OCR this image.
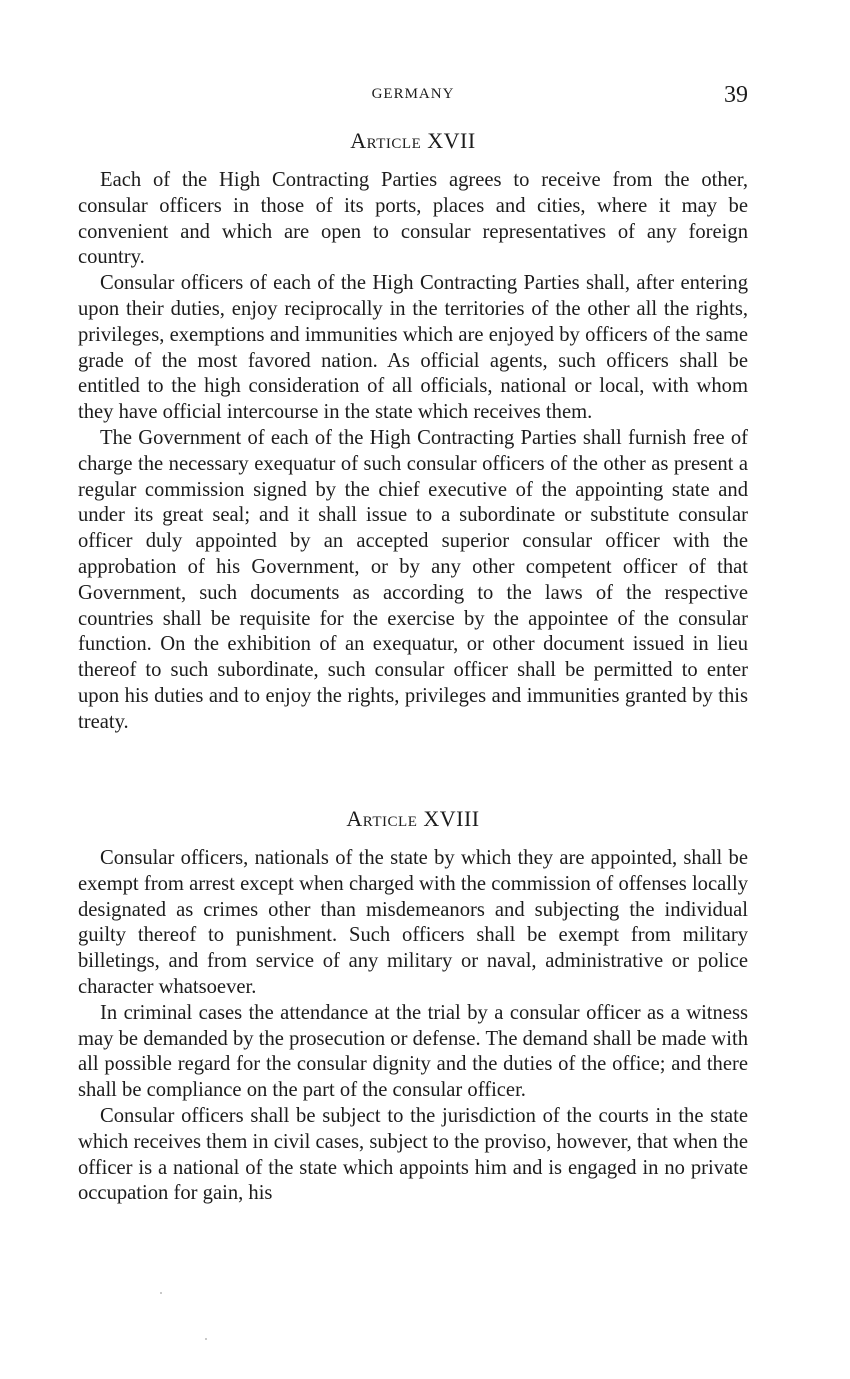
GERMANY	39
Article XVII

Each of the High Contracting Parties agrees to receive from the other, consular officers in those of its ports, places and cities, where it may be convenient and which are open to consular representatives of any foreign country.

Consular officers of each of the High Contracting Parties shall, after entering upon their duties, enjoy reciprocally in the territories of the other all the rights, privileges, exemptions and immunities which are enjoyed by officers of the same grade of the most favored nation. As official agents, such officers shall be entitled to the high consideration of all officials, national or local, with whom they have official intercourse in the state which receives them.

The Government of each of the High Contracting Parties shall furnish free of charge the necessary exequatur of such consular officers of the other as present a regular commission signed by the chief executive of the appointing state and under its great seal; and it shall issue to a subordinate or substitute consular officer duly appointed by an accepted superior consular officer with the approbation of his Government, or by any other competent officer of that Government, such documents as according to the laws of the respective countries shall be requisite for the exercise by the appointee of the consular function. On the exhibition of an exequatur, or other document issued in lieu thereof to such subordinate, such consular officer shall be permitted to enter upon his duties and to enjoy the rights, privileges and immunities granted by this treaty.

Article XVIII

Consular officers, nationals of the state by which they are appointed, shall be exempt from arrest except when charged with the commission of offenses locally designated as crimes other than misdemeanors and subjecting the individual guilty thereof to punishment. Such officers shall be exempt from military billetings, and from service of any military or naval, administrative or police character whatsoever.

In criminal cases the attendance at the trial by a consular officer as a witness may be demanded by the prosecution or defense. The demand shall be made with all possible regard for the consular dignity and the duties of the office; and there shall be compliance on the part of the consular officer.

Consular officers shall be subject to the jurisdiction of the courts in the state which receives them in civil cases, subject to the proviso, however, that when the officer is a national of the state which appoints him and is engaged in no private occupation for gain, his
